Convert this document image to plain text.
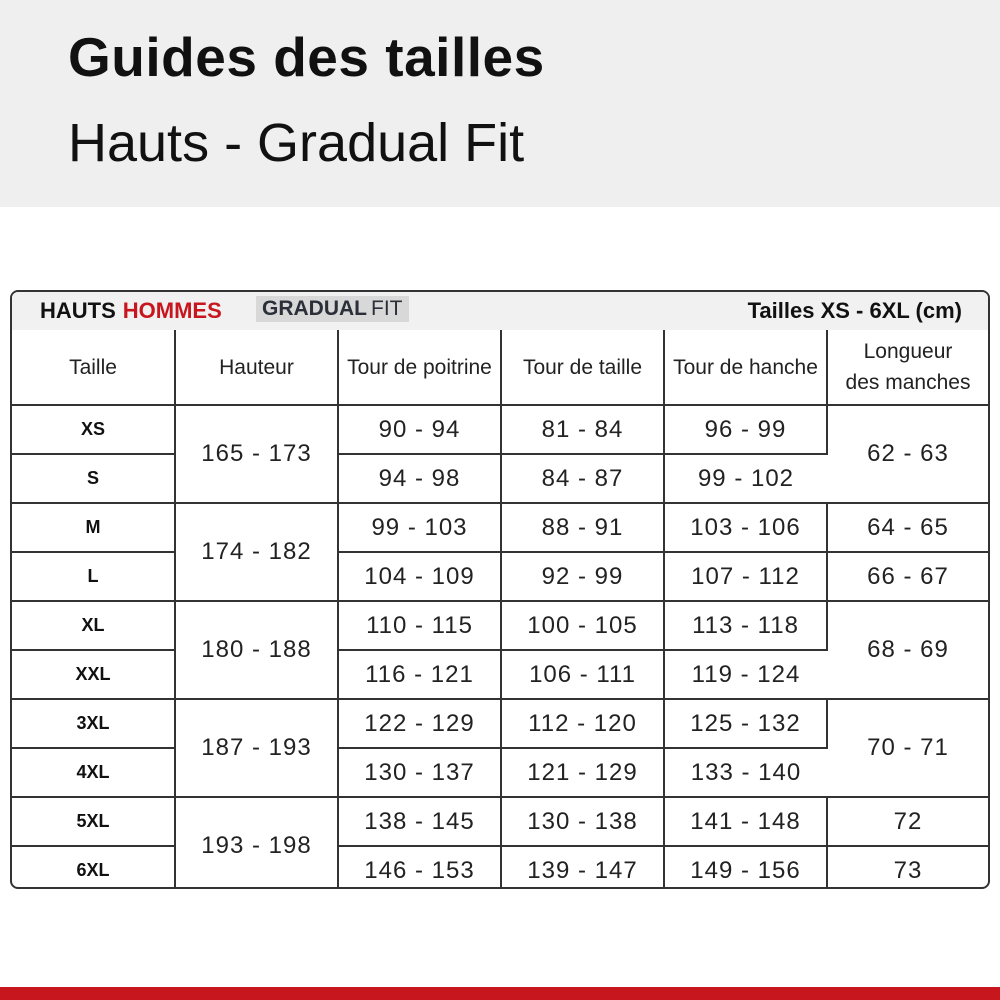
Guides des tailles
Hauts - Gradual Fit
HAUTS HOMMES GRADUAL FIT	Tailles XS - 6XL (cm)
Taille	Hauteur	Tour de poitrine	Tour de taille	Tour de hanche	Longueur
des manches
XS	165 - 173	90 - 94	81 - 84	96 - 99	62 - 63
S		94 - 98	84 - 87	99 - 102	
M	174 - 182	99 - 103	88 - 91	103 - 106	64 - 65
L		104 - 109	92 - 99	107 - 112	66 - 67
XL	180 - 188	110 - 115	100 - 105	113 - 118	68 - 69
XXL		116 - 121	106 - 111	119 - 124	
3XL	187 - 193	122 - 129	112 - 120	125 - 132	70 - 71
4XL		130 - 137	121 - 129	133 - 140	
5XL	193 - 198	138 - 145	130 - 138	141 - 148	72
6XL		146 - 153	139 - 147	149 - 156	73
